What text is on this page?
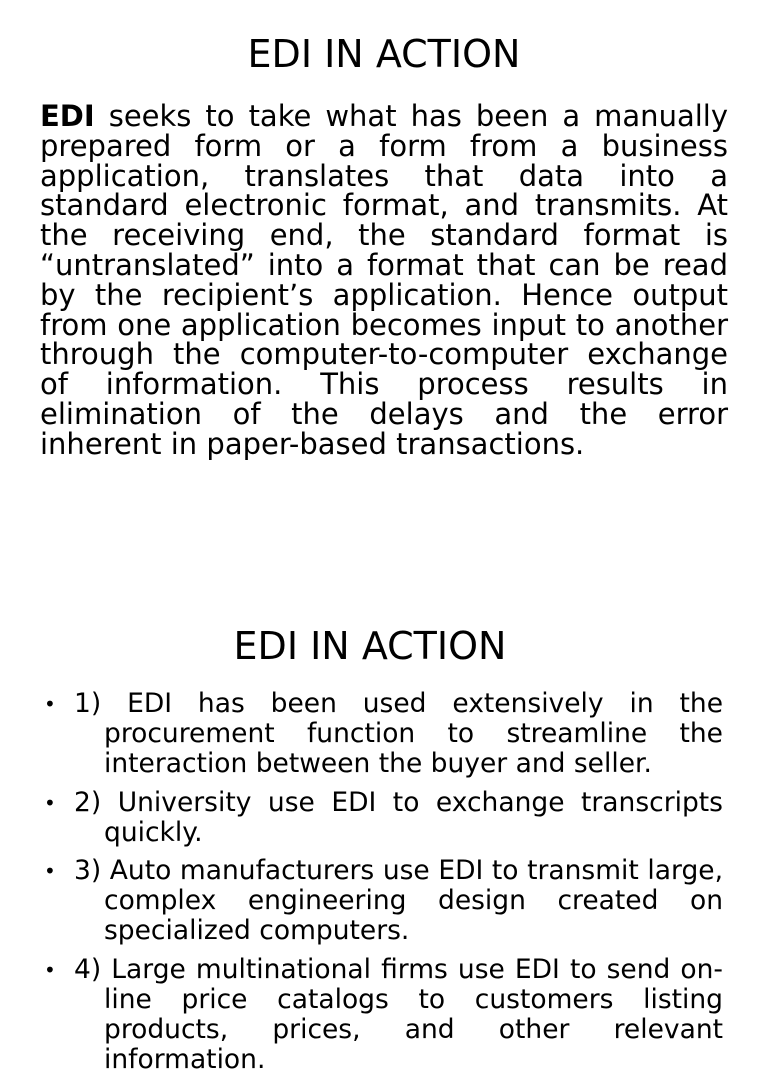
EDI IN ACTION

EDI seeks to take what has been a manually prepared form or a form from a business application, translates that data into a standard electronic format, and transmits. At the receiving end, the standard format is “untranslated” into a format that can be read by the recipient’s application. Hence output from one application becomes input to another through the computer-to-computer exchange of information. This process results in elimination of the delays and the error inherent in paper-based transactions.

EDI IN ACTION
• 1) EDI has been used extensively in the procurement function to streamline the interaction between the buyer and seller.
• 2) University use EDI to exchange transcripts quickly.
• 3) Auto manufacturers use EDI to transmit large, complex engineering design created on specialized computers.
• 4) Large multinational firms use EDI to send on-line price catalogs to customers listing products, prices, and other relevant information.
